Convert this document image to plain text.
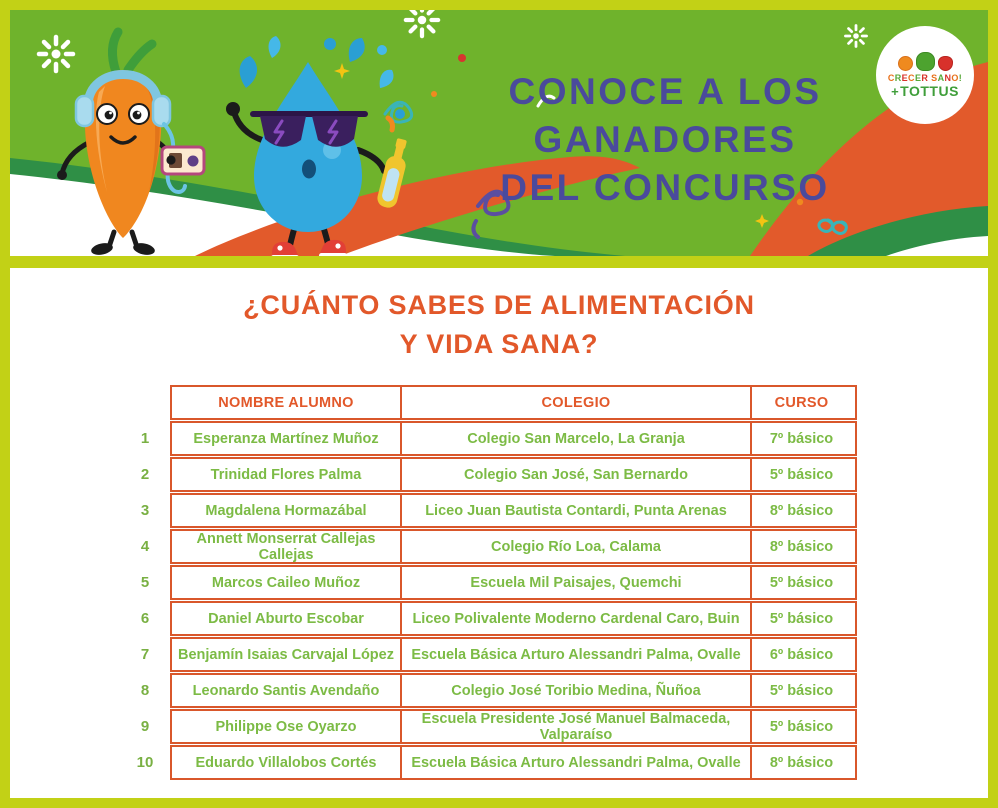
CONOCE A LOS
GANADORES
DEL CONCURSO
CRECER SANO!
+ TOTTUS
¿CUÁNTO SABES DE ALIMENTACIÓN
Y VIDA SANA?
NOMBRE ALUMNO	COLEGIO	CURSO
1	Esperanza Martínez Muñoz	Colegio San Marcelo, La Granja	7º básico
2	Trinidad Flores Palma	Colegio San José, San Bernardo	5º básico
3	Magdalena Hormazábal	Liceo Juan Bautista Contardi, Punta Arenas	8º básico
4	Annett Monserrat Callejas Callejas	Colegio Río Loa, Calama	8º básico
5	Marcos Caileo Muñoz	Escuela Mil Paisajes, Quemchi	5º básico
6	Daniel Aburto Escobar	Liceo Polivalente Moderno Cardenal Caro, Buin	5º básico
7	Benjamín Isaias Carvajal López	Escuela Básica Arturo Alessandri Palma, Ovalle	6º básico
8	Leonardo Santis Avendaño	Colegio José Toribio Medina, Ñuñoa	5º básico
9	Philippe Ose Oyarzo	Escuela Presidente José Manuel Balmaceda, Valparaíso	5º básico
10	Eduardo Villalobos Cortés	Escuela Básica Arturo Alessandri Palma, Ovalle	8º básico
